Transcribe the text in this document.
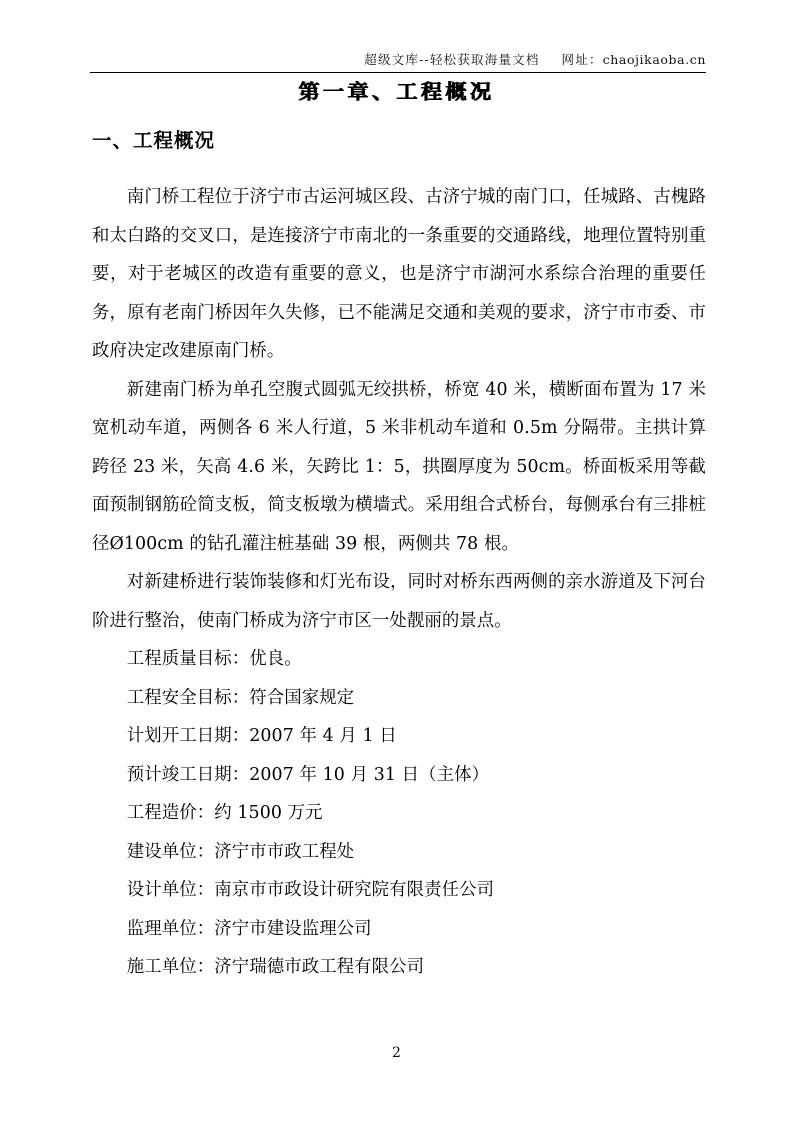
超级文库--轻松获取海量文档 网址： chaojikaoba.cn
第一章、工程概况
一、工程概况

南门桥工程位于济宁市古运河城区段、古济宁城的南门口，任城路、古槐路和太白路的交叉口，是连接济宁市南北的一条重要的交通路线，地理位置特别重要，对于老城区的改造有重要的意义，也是济宁市湖河水系综合治理的重要任务，原有老南门桥因年久失修，已不能满足交通和美观的要求，济宁市市委、市政府决定改建原南门桥。

新建南门桥为单孔空腹式圆弧无绞拱桥，桥宽 40 米，横断面布置为 17 米宽机动车道，两侧各 6 米人行道，5 米非机动车道和 0.5m 分隔带。主拱计算跨径 23 米，矢高 4.6 米，矢跨比 1：5，拱圈厚度为 50cm。桥面板采用等截面预制钢筋砼简支板，简支板墩为横墙式。采用组合式桥台，每侧承台有三排桩径Ø100cm 的钻孔灌注桩基础 39 根，两侧共 78 根。

对新建桥进行装饰装修和灯光布设，同时对桥东西两侧的亲水游道及下河台阶进行整治，使南门桥成为济宁市区一处靓丽的景点。

工程质量目标：优良。
工程安全目标：符合国家规定
计划开工日期：2007 年 4 月 1 日
预计竣工日期：2007 年 10 月 31 日（主体）
工程造价：约 1500 万元
建设单位：济宁市市政工程处
设计单位：南京市市政设计研究院有限责任公司
监理单位：济宁市建设监理公司
施工单位：济宁瑞德市政工程有限公司
2
